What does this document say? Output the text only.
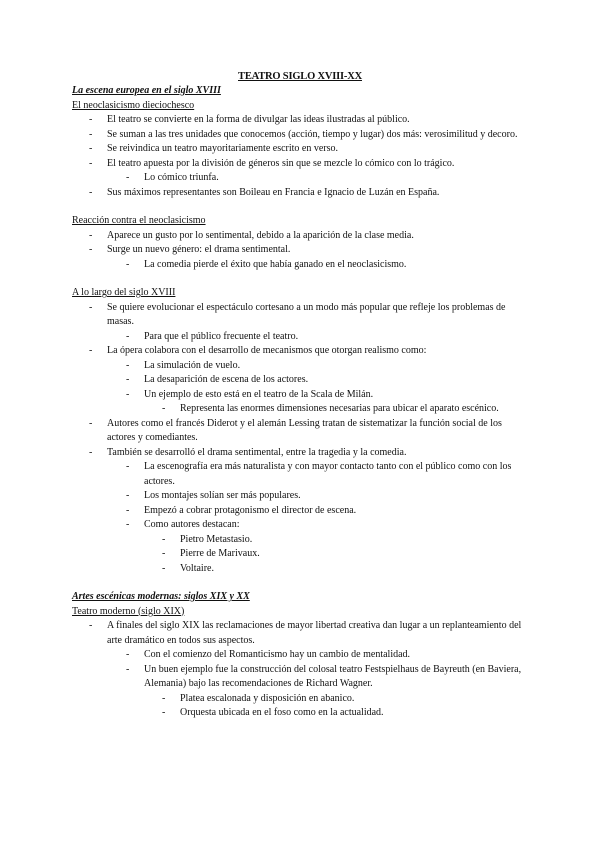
TEATRO SIGLO XVIII-XX
La escena europea en el siglo XVIII
El neoclasicismo dieciochesco
- El teatro se convierte en la forma de divulgar las ideas ilustradas al público.
- Se suman a las tres unidades que conocemos (acción, tiempo y lugar) dos más: verosimilitud y decoro.
- Se reivindica un teatro mayoritariamente escrito en verso.
- El teatro apuesta por la división de géneros sin que se mezcle lo cómico con lo trágico.
- Lo cómico triunfa.
- Sus máximos representantes son Boileau en Francia e Ignacio de Luzán en España.
Reacción contra el neoclasicismo
- Aparece un gusto por lo sentimental, debido a la aparición de la clase media.
- Surge un nuevo género: el drama sentimental.
- La comedia pierde el éxito que había ganado en el neoclasicismo.
A lo largo del siglo XVIII
- Se quiere evolucionar el espectáculo cortesano a un modo más popular que refleje los problemas de masas.
- Para que el público frecuente el teatro.
- La ópera colabora con el desarrollo de mecanismos que otorgan realismo como:
- La simulación de vuelo.
- La desaparición de escena de los actores.
- Un ejemplo de esto está en el teatro de la Scala de Milán.
- Representa las enormes dimensiones necesarias para ubicar el aparato escénico.
- Autores como el francés Diderot y el alemán Lessing tratan de sistematizar la función social de los actores y comediantes.
- También se desarrolló el drama sentimental, entre la tragedia y la comedia.
- La escenografía era más naturalista y con mayor contacto tanto con el público como con los actores.
- Los montajes solían ser más populares.
- Empezó a cobrar protagonismo el director de escena.
- Como autores destacan:
- Pietro Metastasio.
- Pierre de Marivaux.
- Voltaire.
Artes escénicas modernas: siglos XIX y XX
Teatro moderno (siglo XIX)
- A finales del siglo XIX las reclamaciones de mayor libertad creativa dan lugar a un replanteamiento del arte dramático en todos sus aspectos.
- Con el comienzo del Romanticismo hay un cambio de mentalidad.
- Un buen ejemplo fue la construcción del colosal teatro Festspielhaus de Bayreuth (en Baviera, Alemania) bajo las recomendaciones de Richard Wagner.
- Platea escalonada y disposición en abanico.
- Orquesta ubicada en el foso como en la actualidad.
